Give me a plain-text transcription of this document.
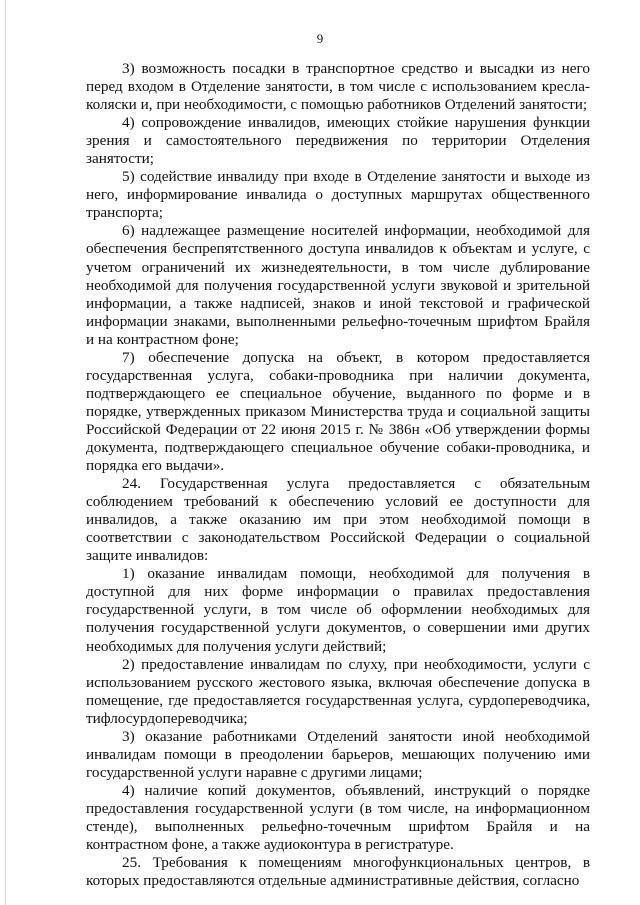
9

3) возможность посадки в транспортное средство и высадки из него перед входом в Отделение занятости, в том числе с использованием кресла-коляски и, при необходимости, с помощью работников Отделений занятости;

4) сопровождение инвалидов, имеющих стойкие нарушения функции зрения и самостоятельного передвижения по территории Отделения занятости;

5) содействие инвалиду при входе в Отделение занятости и выходе из него, информирование инвалида о доступных маршрутах общественного транспорта;

6) надлежащее размещение носителей информации, необходимой для обеспечения беспрепятственного доступа инвалидов к объектам и услуге, с учетом ограничений их жизнедеятельности, в том числе дублирование необходимой для получения государственной услуги звуковой и зрительной информации, а также надписей, знаков и иной текстовой и графической информации знаками, выполненными рельефно-точечным шрифтом Брайля и на контрастном фоне;

7) обеспечение допуска на объект, в котором предоставляется государственная услуга, собаки-проводника при наличии документа, подтверждающего ее специальное обучение, выданного по форме и в порядке, утвержденных приказом Министерства труда и социальной защиты Российской Федерации от 22 июня 2015 г. № 386н «Об утверждении формы документа, подтверждающего специальное обучение собаки-проводника, и порядка его выдачи».

24. Государственная услуга предоставляется с обязательным соблюдением требований к обеспечению условий ее доступности для инвалидов, а также оказанию им при этом необходимой помощи в соответствии с законодательством Российской Федерации о социальной защите инвалидов:

1) оказание инвалидам помощи, необходимой для получения в доступной для них форме информации о правилах предоставления государственной услуги, в том числе об оформлении необходимых для получения государственной услуги документов, о совершении ими других необходимых для получения услуги действий;

2) предоставление инвалидам по слуху, при необходимости, услуги с использованием русского жестового языка, включая обеспечение допуска в помещение, где предоставляется государственная услуга, сурдопереводчика, тифлосурдопереводчика;

3) оказание работниками Отделений занятости иной необходимой инвалидам помощи в преодолении барьеров, мешающих получению ими государственной услуги наравне с другими лицами;

4) наличие копий документов, объявлений, инструкций о порядке предоставления государственной услуги (в том числе, на информационном стенде), выполненных рельефно-точечным шрифтом Брайля и на контрастном фоне, а также аудиоконтура в регистратуре.

25. Требования к помещениям многофункциональных центров, в которых предоставляются отдельные административные действия, согласно
